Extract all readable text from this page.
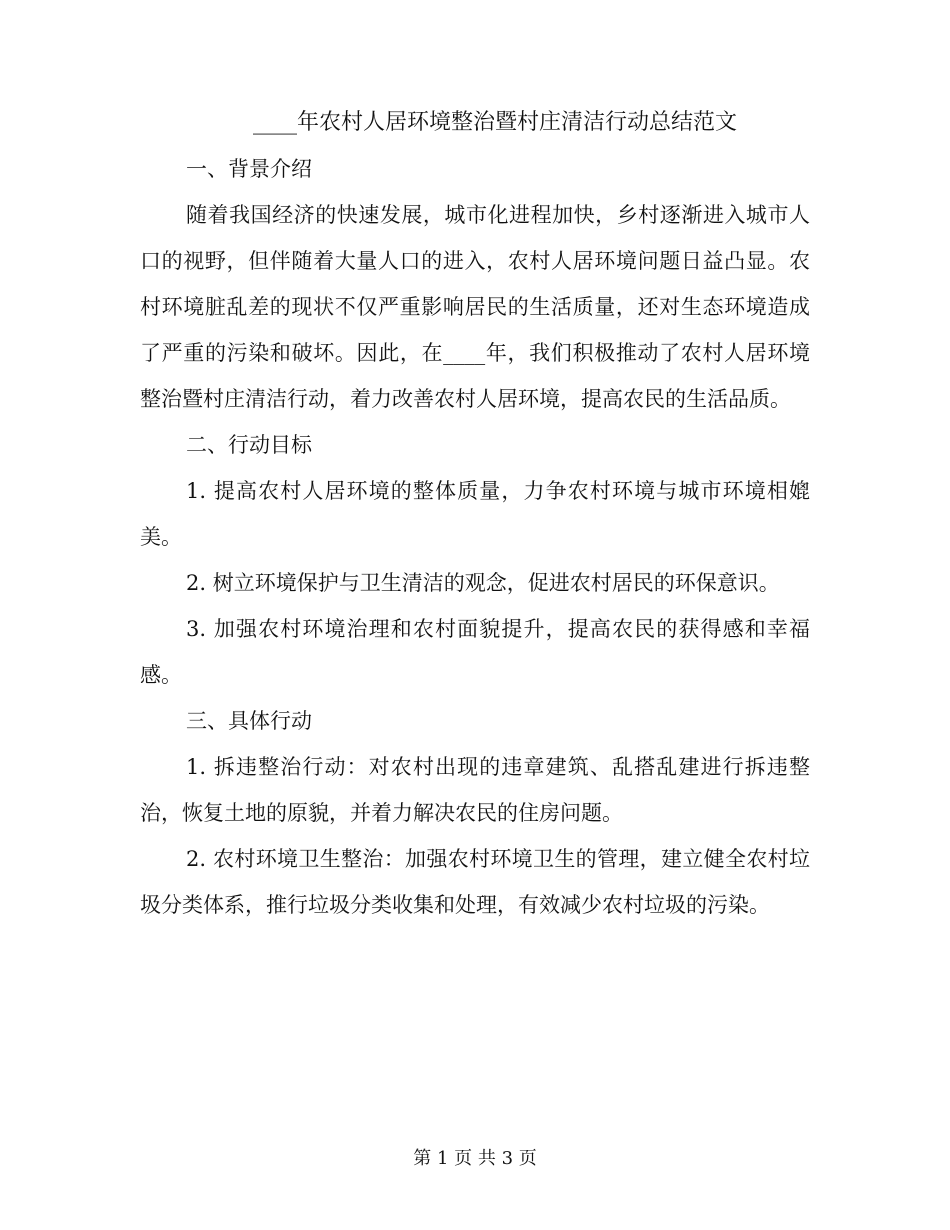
____年农村人居环境整治暨村庄清洁行动总结范文
一、背景介绍

随着我国经济的快速发展，城市化进程加快，乡村逐渐进入城市人口的视野，但伴随着大量人口的进入，农村人居环境问题日益凸显。农村环境脏乱差的现状不仅严重影响居民的生活质量，还对生态环境造成了严重的污染和破坏。因此，在____年，我们积极推动了农村人居环境整治暨村庄清洁行动，着力改善农村人居环境，提高农民的生活品质。

二、行动目标

1. 提高农村人居环境的整体质量，力争农村环境与城市环境相媲美。

2. 树立环境保护与卫生清洁的观念，促进农村居民的环保意识。

3. 加强农村环境治理和农村面貌提升，提高农民的获得感和幸福感。

三、具体行动

1. 拆违整治行动：对农村出现的违章建筑、乱搭乱建进行拆违整治，恢复土地的原貌，并着力解决农民的住房问题。

2. 农村环境卫生整治：加强农村环境卫生的管理，建立健全农村垃圾分类体系，推行垃圾分类收集和处理，有效减少农村垃圾的污染。

第 1 页 共 3 页
